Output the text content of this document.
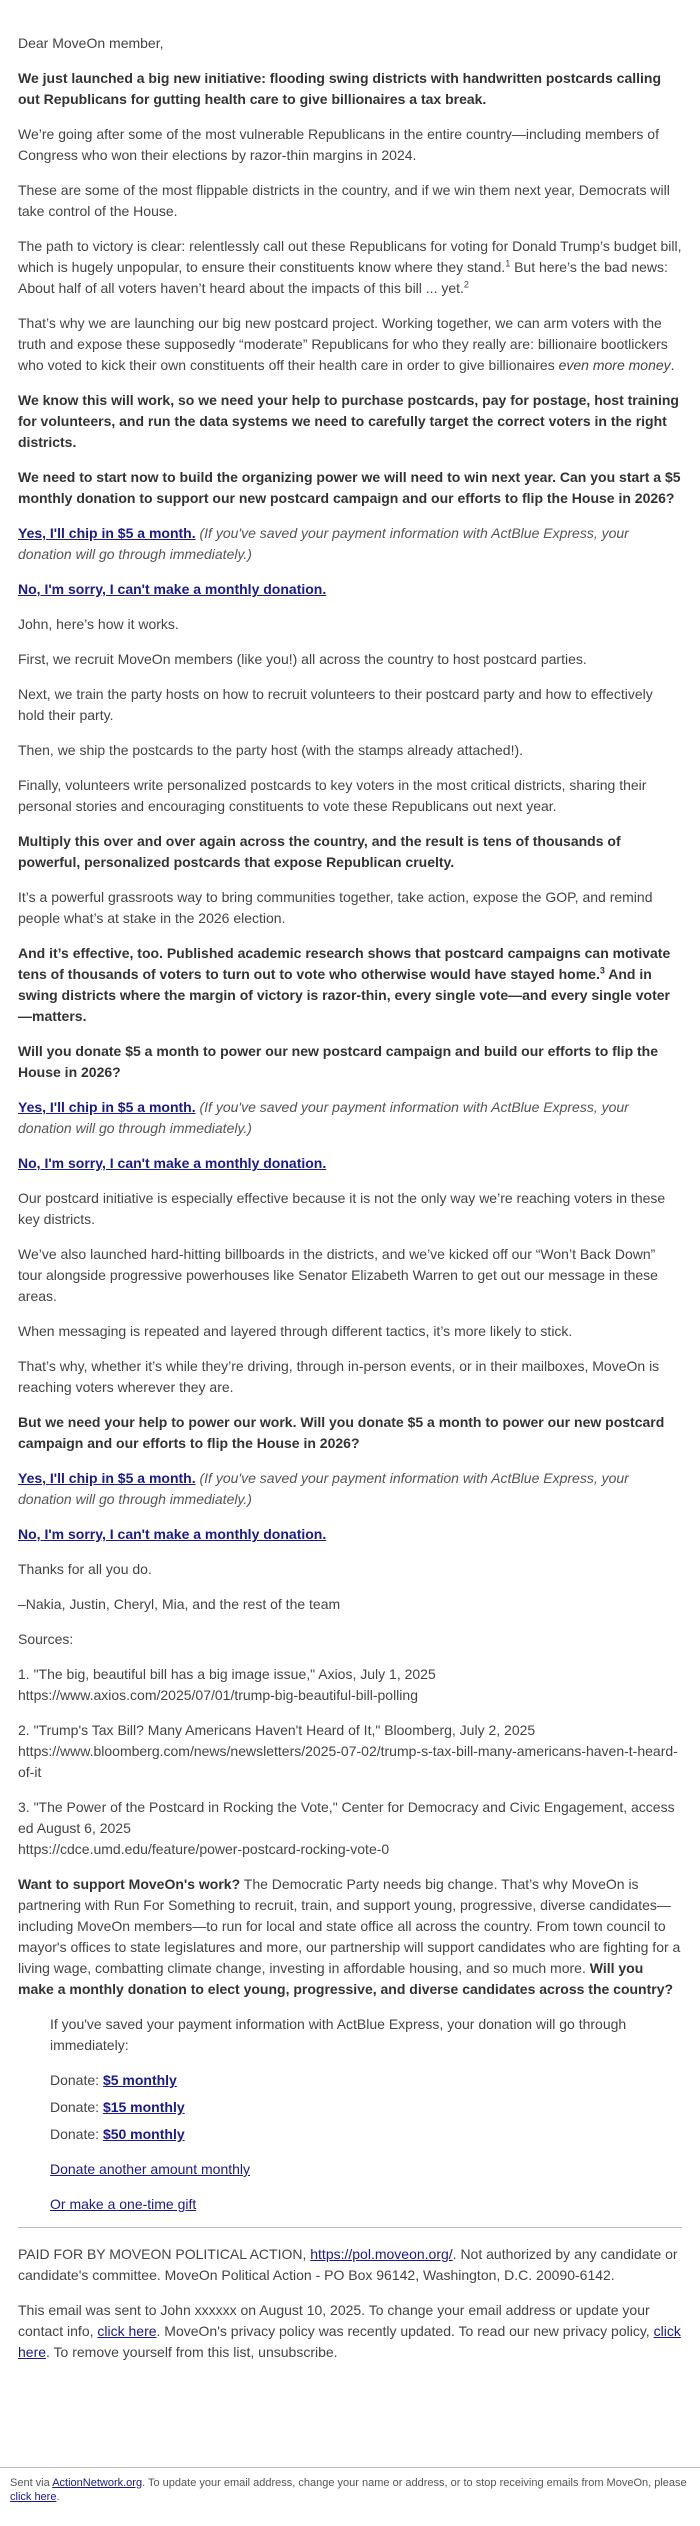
Dear MoveOn member,

We just launched a big new initiative: flooding swing districts with handwritten postcards calling out Republicans for gutting health care to give billionaires a tax break.

We’re going after some of the most vulnerable Republicans in the entire country—including members of Congress who won their elections by razor-thin margins in 2024.

These are some of the most flippable districts in the country, and if we win them next year, Democrats will take control of the House.

The path to victory is clear: relentlessly call out these Republicans for voting for Donald Trump’s budget bill, which is hugely unpopular, to ensure their constituents know where they stand.$^1$ But here’s the bad news: About half of all voters haven’t heard about the impacts of this bill ... yet.$^2$

That’s why we are launching our big new postcard project. Working together, we can arm voters with the truth and expose these supposedly “moderate” Republicans for who they really are: billionaire bootlickers who voted to kick their own constituents off their health care in order to give billionaires even more money.

We know this will work, so we need your help to purchase postcards, pay for postage, host training for volunteers, and run the data systems we need to carefully target the correct voters in the right districts.

We need to start now to build the organizing power we will need to win next year. Can you start a $5 monthly donation to support our new postcard campaign and our efforts to flip the House in 2026?

Yes, I'll chip in $5 a month. (If you've saved your payment information with ActBlue Express, your donation will go through immediately.)

No, I'm sorry, I can't make a monthly donation.

John, here’s how it works.

First, we recruit MoveOn members (like you!) all across the country to host postcard parties.

Next, we train the party hosts on how to recruit volunteers to their postcard party and how to effectively hold their party.

Then, we ship the postcards to the party host (with the stamps already attached!).

Finally, volunteers write personalized postcards to key voters in the most critical districts, sharing their personal stories and encouraging constituents to vote these Republicans out next year.

Multiply this over and over again across the country, and the result is tens of thousands of powerful, personalized postcards that expose Republican cruelty.

It’s a powerful grassroots way to bring communities together, take action, expose the GOP, and remind people what’s at stake in the 2026 election.

And it’s effective, too. Published academic research shows that postcard campaigns can motivate tens of thousands of voters to turn out to vote who otherwise would have stayed home.$^3$ And in swing districts where the margin of victory is razor-thin, every single vote—and every single voter—matters.

Will you donate $5 a month to power our new postcard campaign and build our efforts to flip the House in 2026?

Yes, I'll chip in $5 a month. (If you've saved your payment information with ActBlue Express, your donation will go through immediately.)

No, I'm sorry, I can't make a monthly donation.

Our postcard initiative is especially effective because it is not the only way we’re reaching voters in these key districts.

We’ve also launched hard-hitting billboards in the districts, and we’ve kicked off our “Won’t Back Down” tour alongside progressive powerhouses like Senator Elizabeth Warren to get out our message in these areas.

When messaging is repeated and layered through different tactics, it’s more likely to stick.

That’s why, whether it’s while they’re driving, through in-person events, or in their mailboxes, MoveOn is reaching voters wherever they are.

But we need your help to power our work. Will you donate $5 a month to power our new postcard campaign and our efforts to flip the House in 2026?

Yes, I'll chip in $5 a month. (If you've saved your payment information with ActBlue Express, your donation will go through immediately.)

No, I'm sorry, I can't make a monthly donation.

Thanks for all you do.

–Nakia, Justin, Cheryl, Mia, and the rest of the team

Sources:

1. "The big, beautiful bill has a big image issue," Axios, July 1, 2025
https://www.axios.com/2025/07/01/trump-big-beautiful-bill-polling

2. "Trump's Tax Bill? Many Americans Haven't Heard of It," Bloomberg, July 2, 2025
https://www.bloomberg.com/news/newsletters/2025-07-02/trump-s-tax-bill-many-americans-haven-t-heard-of-it

3. "The Power of the Postcard in Rocking the Vote," Center for Democracy and Civic Engagement, accessed August 6, 2025
https://cdce.umd.edu/feature/power-postcard-rocking-vote-0

Want to support MoveOn's work? The Democratic Party needs big change. That’s why MoveOn is partnering with Run For Something to recruit, train, and support young, progressive, diverse candidates—including MoveOn members—to run for local and state office all across the country. From town council to mayor's offices to state legislatures and more, our partnership will support candidates who are fighting for a living wage, combatting climate change, investing in affordable housing, and so much more. Will you make a monthly donation to elect young, progressive, and diverse candidates across the country?

If you've saved your payment information with ActBlue Express, your donation will go through immediately:

Donate: $5 monthly

Donate: $15 monthly

Donate: $50 monthly

Donate another amount monthly

Or make a one-time gift

PAID FOR BY MOVEON POLITICAL ACTION, https://pol.moveon.org/. Not authorized by any candidate or candidate's committee. MoveOn Political Action - PO Box 96142, Washington, D.C. 20090-6142.

This email was sent to John xxxxxx on August 10, 2025. To change your email address or update your contact info, click here. MoveOn's privacy policy was recently updated. To read our new privacy policy, click here. To remove yourself from this list, unsubscribe.

Sent via ActionNetwork.org. To update your email address, change your name or address, or to stop receiving emails from MoveOn, please click here.
